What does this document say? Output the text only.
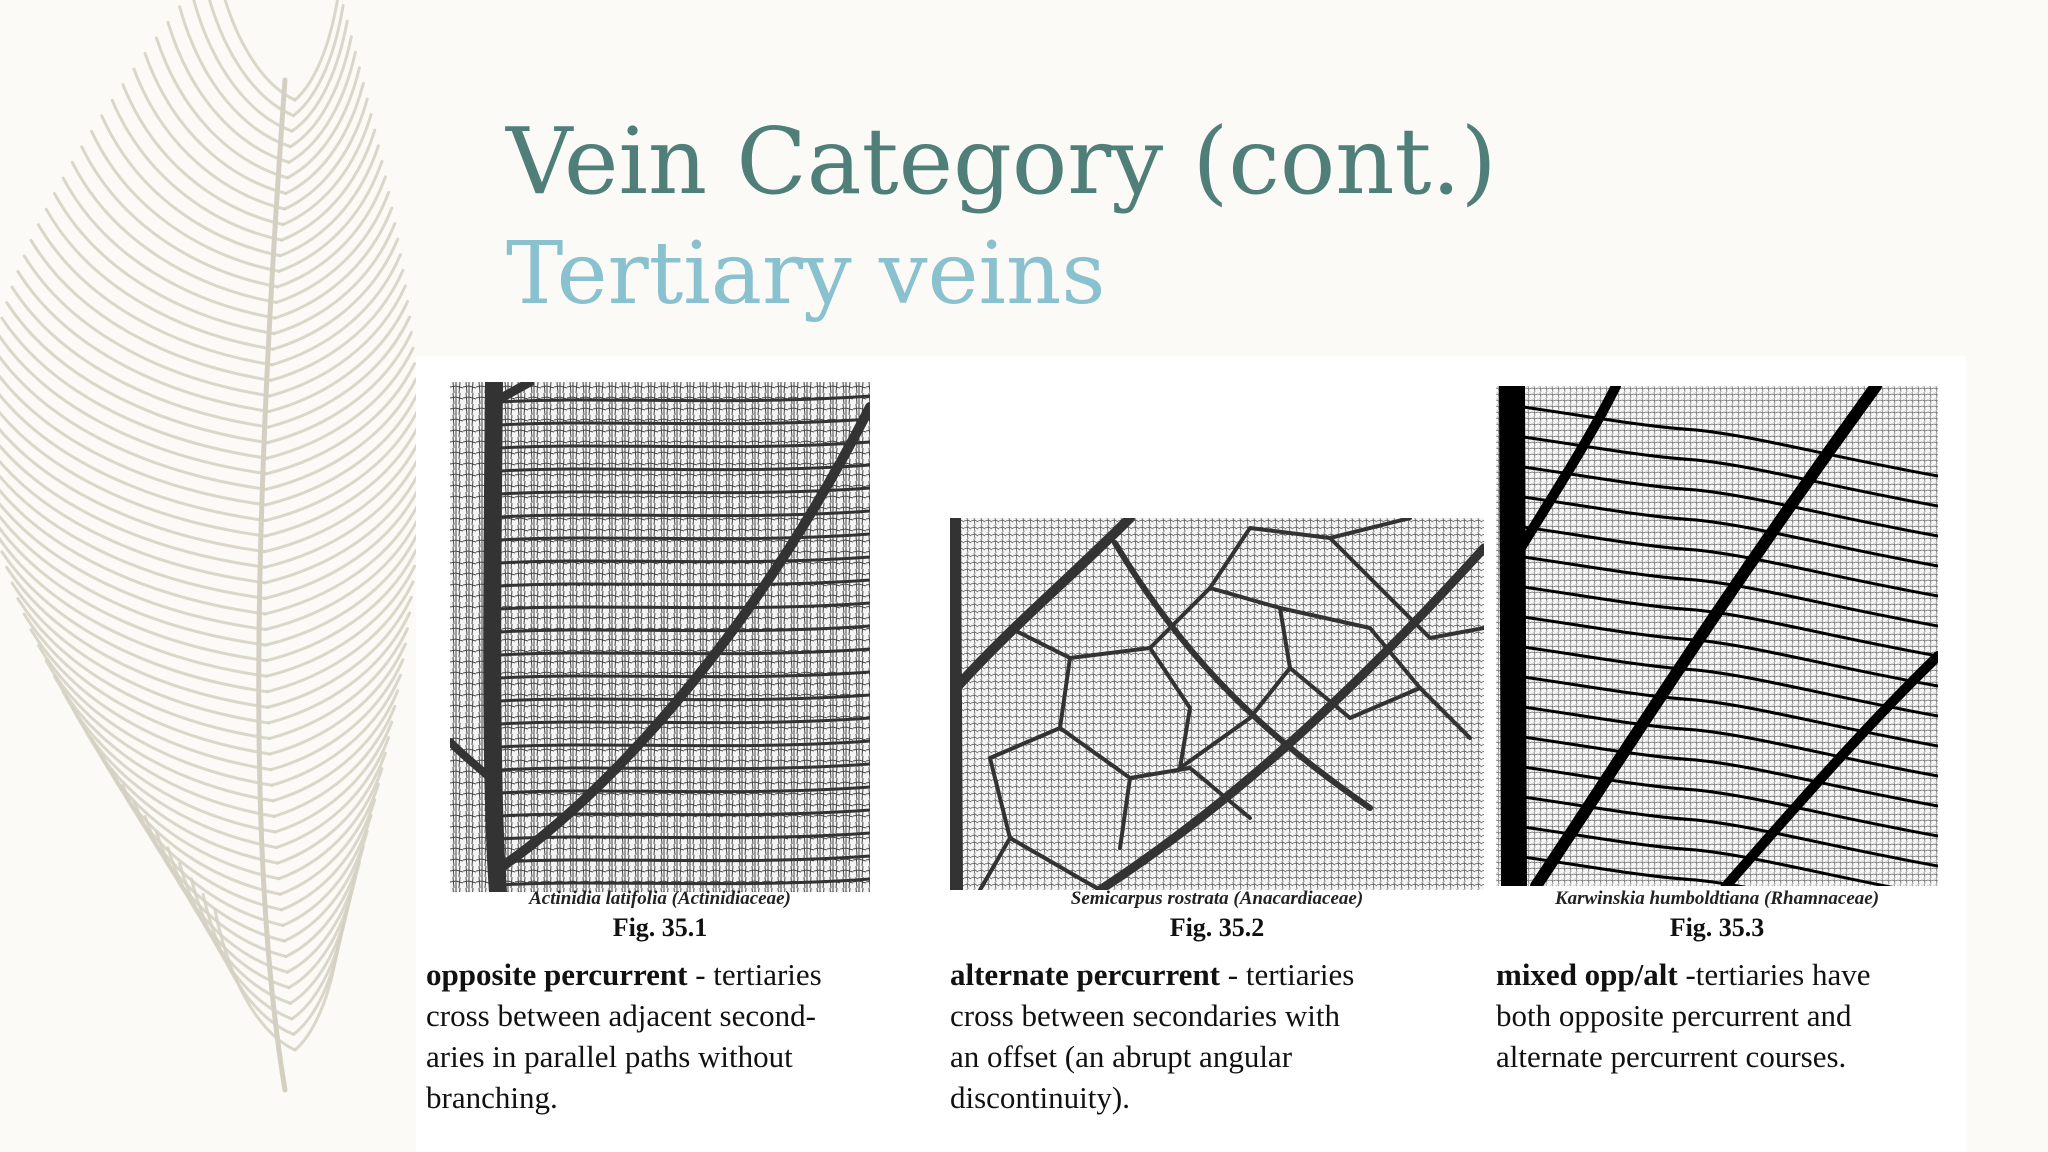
Vein Category (cont.)
Tertiary veins
Actinidia latifolia (Actinidiaceae)
Fig. 35.1
opposite percurrent - tertiaries
cross between adjacent second-
aries in parallel paths without
branching.
Semicarpus rostrata (Anacardiaceae)
Fig. 35.2
alternate percurrent - tertiaries
cross between secondaries with
an offset (an abrupt angular
discontinuity).
Karwinskia humboldtiana (Rhamnaceae)
Fig. 35.3
mixed opp/alt -tertiaries have
both opposite percurrent and
alternate percurrent courses.
